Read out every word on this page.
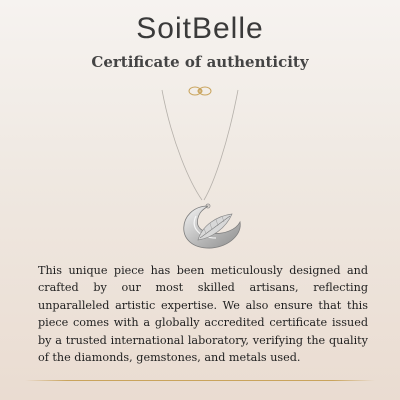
SoitBelle
Certificate of authenticity
This unique piece has been meticulously designed and crafted by our most skilled artisans, reflecting unparalleled artistic expertise. We also ensure that this piece comes with a globally accredited certificate issued by a trusted international laboratory, verifying the quality of the diamonds, gemstones, and metals used.
